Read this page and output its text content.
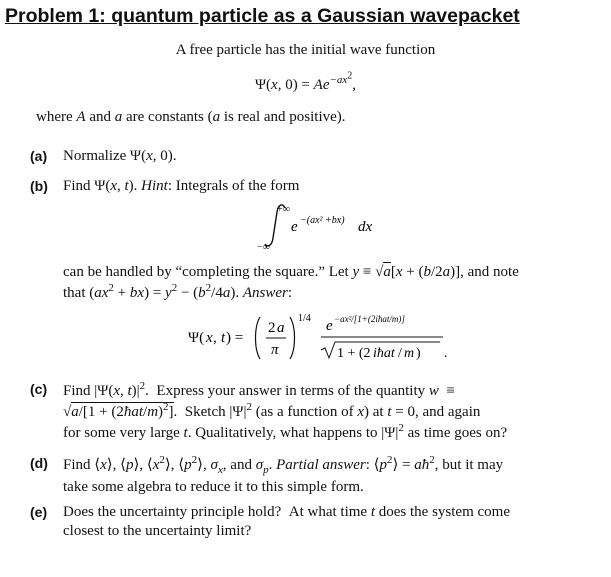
Problem 1: quantum particle as a Gaussian wavepacket
A free particle has the initial wave function
Ψ(x, $0) = Ae^{-ax^2}$,
where A and a are constants (a is real and positive).
(a)	Normalize Ψ(x, 0).
(b)	Find Ψ(x, t). Hint: Integrals of the form
+∞
−∞
e −(ax² +bx) dx
can be handled by “completing the square.” Let y ≡ √a[x + (b/2a)], and note
that $(ax^2 + bx) = y^2 - (b^2/4a)$. Answer:
Ψ( x , t ) =
2 a
π
1/4 e −ax²/[1+(2iħat/m)]
1 + (2 iħat / m ) .
(c)	Find |Ψ(x, $t)|^2$.  Express your answer in terms of the quantity w  ≡
√a/[1 + (2ħat/m)$^2$].  Sketch $|\Psi|^2$ (as a function of x) at t = 0, and again
for some very large t. Qualitatively, what happens to $|\Psi|^2$ as time goes on?
(d)	Find ⟨x⟩, ⟨p⟩, $⟨x^2⟩$, $⟨p^2⟩$, $\sigma_x$, and $\sigma_p$. Partial answer: $⟨p^2⟩$ = $aħ^2$, but it may
take some algebra to reduce it to this simple form.
(e)	Does the uncertainty principle hold?  At what time t does the system come
closest to the uncertainty limit?
